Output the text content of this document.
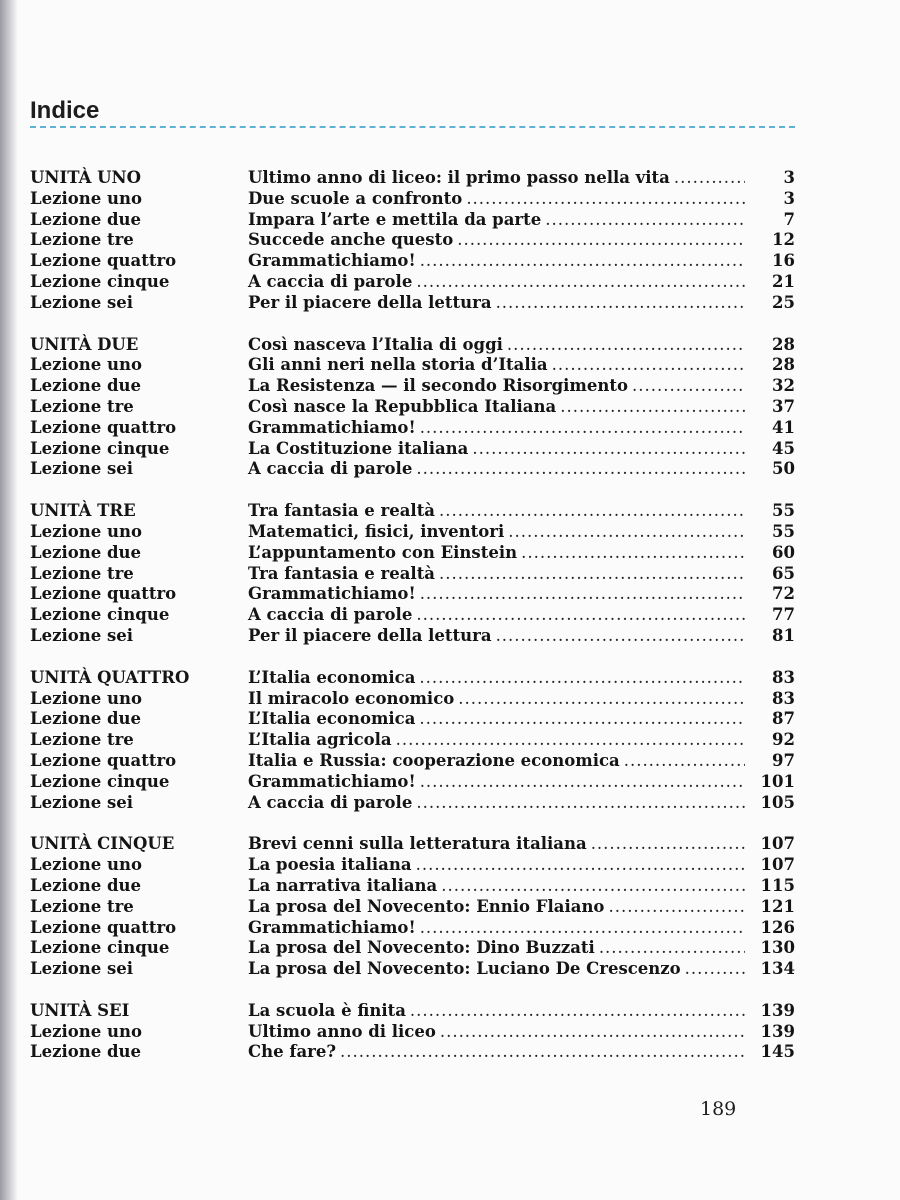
Indice
UNITÀ UNO	Ultimo anno di liceo: il primo passo nella vita .....	3
Lezione uno	Due scuole a confronto .....	3
Lezione due	Impara l’arte e mettila da parte .....	7
Lezione tre	Succede anche questo .....	12
Lezione quattro	Grammatichiamo! .....	16
Lezione cinque	A caccia di parole .....	21
Lezione sei	Per il piacere della lettura .....	25
UNITÀ DUE	Così nasceva l’Italia di oggi .....	28
Lezione uno	Gli anni neri nella storia d’Italia .....	28
Lezione due	La Resistenza — il secondo Risorgimento .....	32
Lezione tre	Così nasce la Repubblica Italiana .....	37
Lezione quattro	Grammatichiamo! .....	41
Lezione cinque	La Costituzione italiana .....	45
Lezione sei	A caccia di parole .....	50
UNITÀ TRE	Tra fantasia e realtà .....	55
Lezione uno	Matematici, fisici, inventori .....	55
Lezione due	L’appuntamento con Einstein .....	60
Lezione tre	Tra fantasia e realtà .....	65
Lezione quattro	Grammatichiamo! .....	72
Lezione cinque	A caccia di parole .....	77
Lezione sei	Per il piacere della lettura .....	81
UNITÀ QUATTRO	L’Italia economica .....	83
Lezione uno	Il miracolo economico .....	83
Lezione due	L’Italia economica .....	87
Lezione tre	L’Italia agricola .....	92
Lezione quattro	Italia e Russia: cooperazione economica .....	97
Lezione cinque	Grammatichiamo! .....	101
Lezione sei	A caccia di parole .....	105
UNITÀ CINQUE	Brevi cenni sulla letteratura italiana .....	107
Lezione uno	La poesia italiana .....	107
Lezione due	La narrativa italiana .....	115
Lezione tre	La prosa del Novecento: Ennio Flaiano .....	121
Lezione quattro	Grammatichiamo! .....	126
Lezione cinque	La prosa del Novecento: Dino Buzzati .....	130
Lezione sei	La prosa del Novecento: Luciano De Crescenzo .....	134
UNITÀ SEI	La scuola è finita .....	139
Lezione uno	Ultimo anno di liceo .....	139
Lezione due	Che fare? .....	145
189
